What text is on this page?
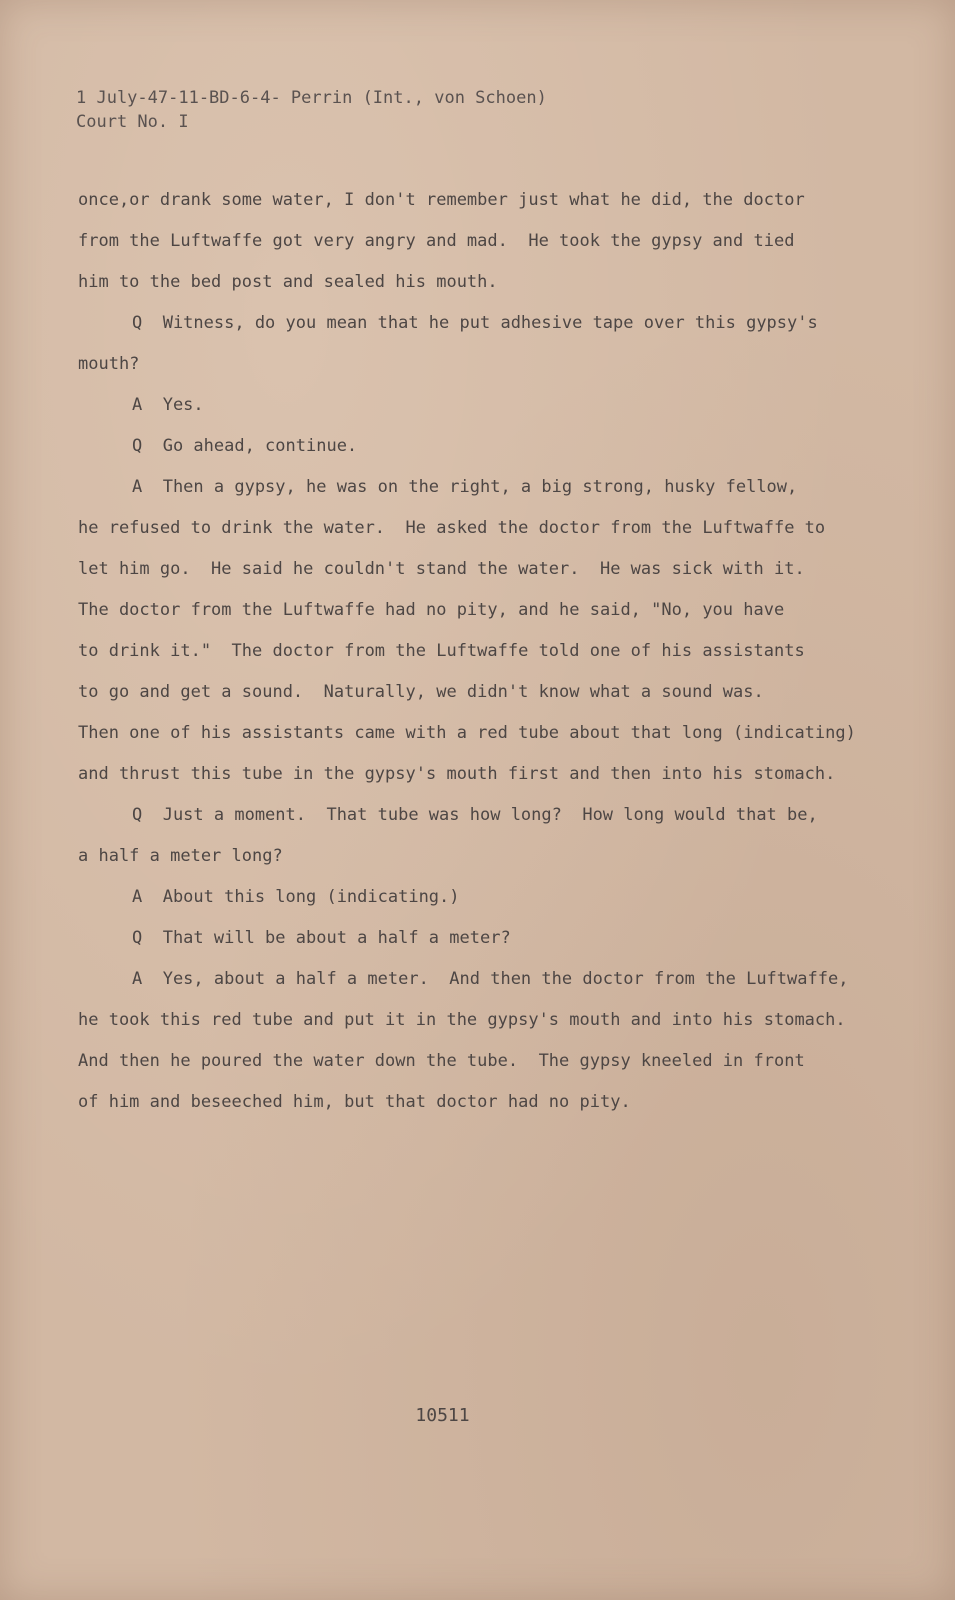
1 July-47-11-BD-6-4- Perrin (Int., von Schoen)
Court No. I
once,or drank some water, I don't remember just what he did, the doctor
from the Luftwaffe got very angry and mad.  He took the gypsy and tied
him to the bed post and sealed his mouth.
Q  Witness, do you mean that he put adhesive tape over this gypsy's
mouth?
A  Yes.
Q  Go ahead, continue.
A  Then a gypsy, he was on the right, a big strong, husky fellow,
he refused to drink the water.  He asked the doctor from the Luftwaffe to
let him go.  He said he couldn't stand the water.  He was sick with it.
The doctor from the Luftwaffe had no pity, and he said, "No, you have
to drink it."  The doctor from the Luftwaffe told one of his assistants
to go and get a sound.  Naturally, we didn't know what a sound was.
Then one of his assistants came with a red tube about that long (indicating)
and thrust this tube in the gypsy's mouth first and then into his stomach.
Q  Just a moment.  That tube was how long?  How long would that be,
a half a meter long?
A  About this long (indicating.)
Q  That will be about a half a meter?
A  Yes, about a half a meter.  And then the doctor from the Luftwaffe,
he took this red tube and put it in the gypsy's mouth and into his stomach.
And then he poured the water down the tube.  The gypsy kneeled in front
of him and beseeched him, but that doctor had no pity.
10511
